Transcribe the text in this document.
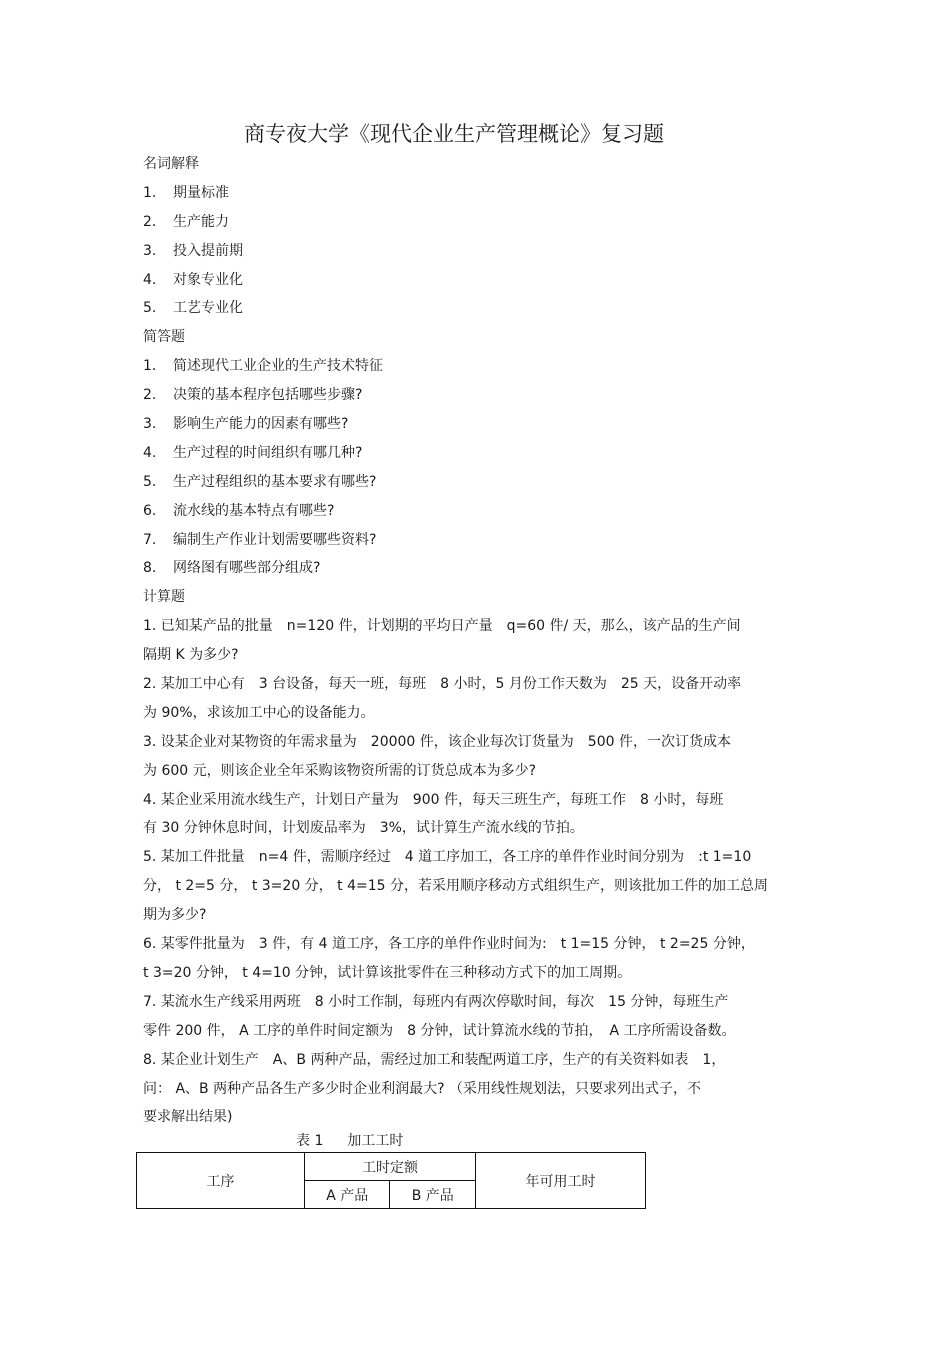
商专夜大学《现代企业生产管理概论》复习题
名词解释
1. 期量标准
2. 生产能力
3. 投入提前期
4. 对象专业化
5. 工艺专业化
简答题
1. 简述现代工业企业的生产技术特征
2. 决策的基本程序包括哪些步骤?
3. 影响生产能力的因素有哪些?
4. 生产过程的时间组织有哪几种?
5. 生产过程组织的基本要求有哪些?
6. 流水线的基本特点有哪些?
7. 编制生产作业计划需要哪些资料?
8. 网络图有哪些部分组成?
计算题
1. 已知某产品的批量　n=120 件，计划期的平均日产量　q=60 件/ 天，那么，该产品的生产间
隔期 K 为多少?
2. 某加工中心有　3 台设备，每天一班，每班　8 小时，5 月份工作天数为　25 天，设备开动率
为 90%，求该加工中心的设备能力。
3. 设某企业对某物资的年需求量为　20000 件，该企业每次订货量为　500 件，一次订货成本
为 600 元，则该企业全年采购该物资所需的订货总成本为多少?
4. 某企业采用流水线生产，计划日产量为　900 件，每天三班生产，每班工作　8 小时，每班
有 30 分钟休息时间，计划废品率为　3%，试计算生产流水线的节拍。
5. 某加工件批量　n=4 件，需顺序经过　4 道工序加工，各工序的单件作业时间分别为　:t 1=10
分， t 2=5 分， t 3=20 分， t 4=15 分，若采用顺序移动方式组织生产，则该批加工件的加工总周
期为多少?
6. 某零件批量为　3 件，有 4 道工序，各工序的单件作业时间为:　t 1=15 分钟， t 2=25 分钟，
t 3=20 分钟， t 4=10 分钟，试计算该批零件在三种移动方式下的加工周期。
7. 某流水生产线采用两班　8 小时工作制，每班内有两次停歇时间，每次　15 分钟，每班生产
零件 200 件， A 工序的单件时间定额为　8 分钟，试计算流水线的节拍，　A 工序所需设备数。
8. 某企业计划生产　A、B 两种产品，需经过加工和装配两道工序，生产的有关资料如表　1，
问： A、B 两种产品各生产多少时企业利润最大? （采用线性规划法，只要求列出式子，不
要求解出结果)
表 1 加工工时
工序	工时定额		年可用工时
	A 产品	B 产品	
